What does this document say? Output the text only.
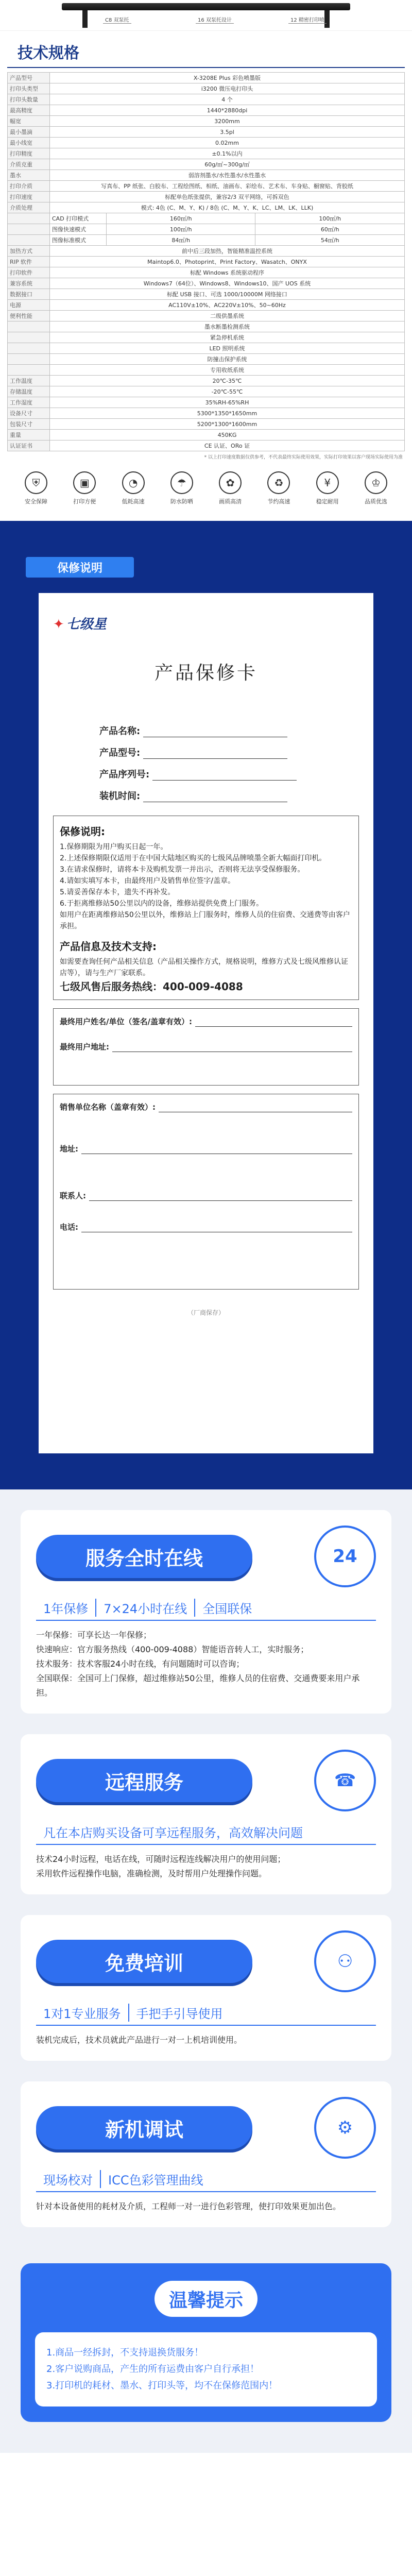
C8 双泵托	16 双泵托设计	12 精密打印喷
技术规格
产品型号	X-3208E Plus 彩色喷墨版		
打印头类型	i3200 微压电打印头		
打印头数量	4 个		
最高精度	1440*2880dpi		
幅宽	3200mm		
最小墨滴	3.5pl		
最小线宽	0.02mm		
打印精度	±0.1%以内		
介质克重	60g/㎡~300g/㎡		
墨水	弱溶剂墨水/水性墨水/水性墨水		
打印介质	写真布、PP 纸张、白胶布、工程绘图纸、相纸、油画布、彩绘布、艺术布、车身贴、橱窗贴、背胶纸		
打印速度	标配单色纸张提供，兼容2/3 双平网络，可拆双色		
介质处理	模式: 4色 (C、M、Y、K) / 8色 (C、M、Y、K、LC、LM、LK、LLK)		
	CAD 打印模式	160㎡/h	100㎡/h
	图像快速模式	100㎡/h	60㎡/h
	图像标准模式	84㎡/h	54㎡/h
加热方式	前中后三段加热，智能精准温控系统		
RIP 软件	Maintop6.0、Photoprint、Print Factory、Wasatch、ONYX		
打印软件	标配 Windows 系统驱动程序		
兼容系统	Windows7（64位）、Windows8、Windows10、国产 UOS 系统		
数据接口	标配 USB 接口、可选 1000/10000M 网络接口		
电源	AC110V±10%、AC220V±10%、50~60Hz		
便利性能	二级供墨系统		
	墨水断墨检测系统		
	紧急停机系统		
	LED 照明系统		
	防撞击保护系统		
	专用收纸系统		
工作温度	20℃-35℃		
存储温度	-20℃-55℃		
工作湿度	35%RH-65%RH		
设备尺寸	5300*1350*1650mm		
包装尺寸	5200*1300*1600mm		
重量	450KG		
认证证书	CE 认证、ORo 证		
* 以上打印速度数据仅供参考，不代表最终实际使用效果，实际打印效果以客户现场实际使用为准
⛨
安全保障
▣
打印方便
◔
低耗高速
☂
防水防晒
✿
画质高清
♻
节约高速
¥
稳定耐用
♔
品质优选
保修说明
✦ 七级星
产品保修卡
产品名称:
产品型号:
产品序列号:
装机时间:
保修说明:

1.保修期限为用户购买日起一年。

2.上述保修期限仅适用于在中国大陆地区购买的七级风品牌喷墨全新大幅面打印机。

3.在请求保修时，请将本卡及购机发票一并出示，否则将无法享受保修服务。

4.请如实填写本卡，由最终用户及销售单位签字/盖章。

5.请妥善保存本卡，遗失不再补发。

6.于拒离维修站50公里以内的设备，维修站提供免费上门服务。

如用户在距离维修站50公里以外，维修站上门服务时，维修人员的住宿费、交通费等由客户承担。

产品信息及技术支持:

如需要查询任何产品相关信息（产品相关操作方式，规格说明，维修方式及七级风维修认证店等），请与生产厂家联系。

七级风售后服务热线：400-009-4088

最终用户姓名/单位（签名/盖章有效）:
最终用户地址:
销售单位名称（盖章有效）:
地址:
联系人:
电话:
（厂商保存）
服务全时在线	24
1年保修	7×24小时在线	全国联保
一年保修：可享长达一年保修；
快速响应：官方服务热线（400-009-4088）智能语音转人工，实时服务；
技术服务：技术客服24小时在线，有问题随时可以咨询；
全国联保：全国可上门保修，超过维修站50公里，维修人员的住宿费、交通费要来用户承担。
远程服务	☎
凡在本店购买设备可享远程服务，高效解决问题
技术24小时远程，电话在线，可随时远程连线解决用户的使用问题；
采用软件远程操作电脑，准确检测，及时帮用户处理操作问题。
免费培训	⚇
1对1专业服务	手把手引导使用
装机完成后，技术员就此产品进行一对一上机培训使用。
新机调试	⚙
现场校对	ICC色彩管理曲线
针对本设备使用的耗材及介质，工程师一对一进行色彩管理，使打印效果更加出色。
温馨提示
1.商品一经拆封，不支持退换货服务！
2.客户说购商品，产生的所有运费由客户自行承担！
3.打印机的耗材、墨水、打印头等，均不在保修范围内！
